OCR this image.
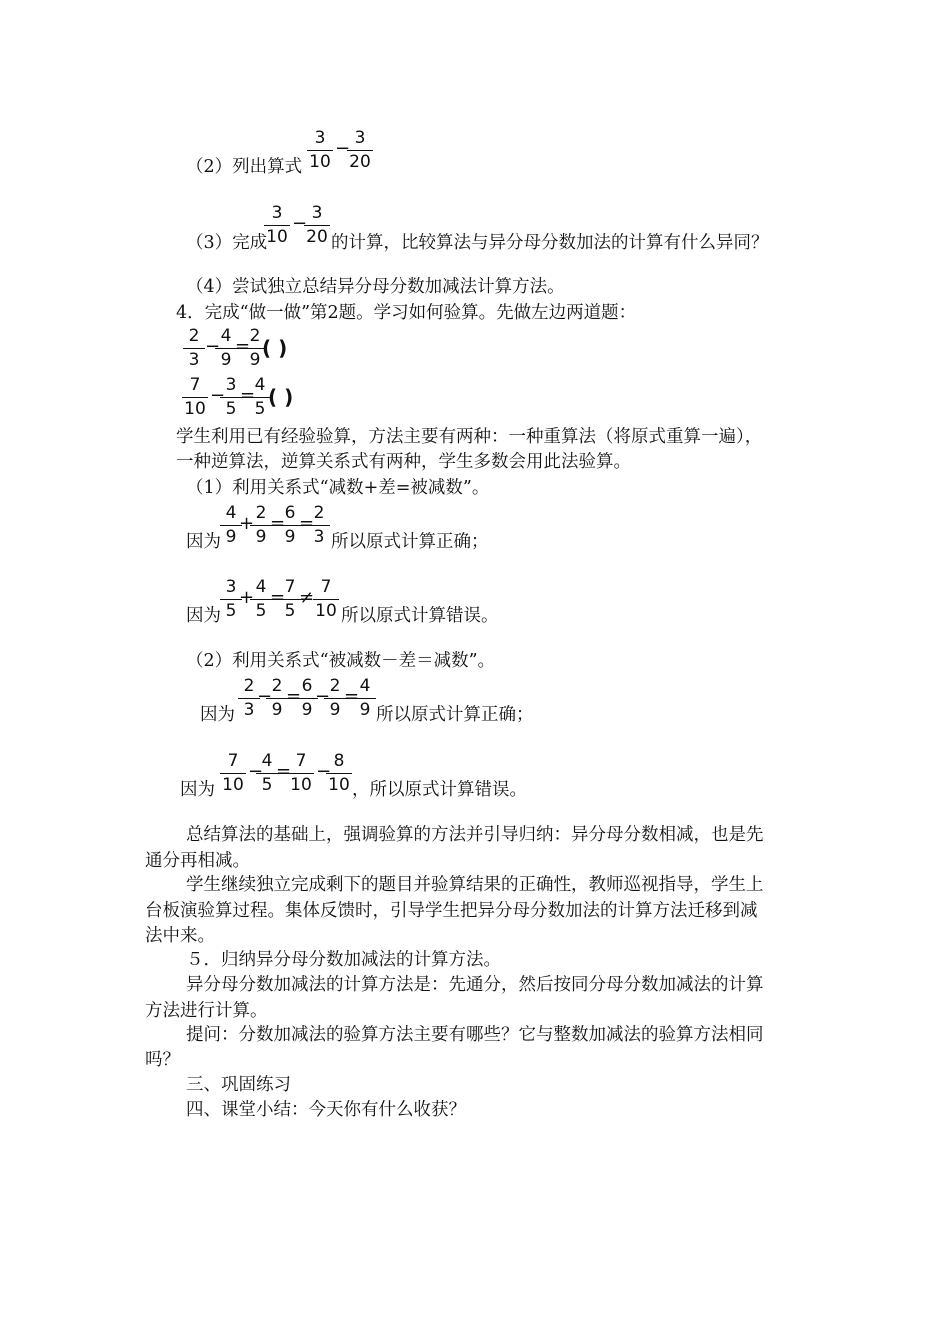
（2）列出算式
3
10
− 3
20
（3）完成
3
10
− 3
20 的计算，比较算法与异分母分数加法的计算有什么异同？
（4）尝试独立总结异分母分数加减法计算方法。
4．完成“做一做”第2题。学习如何验算。先做左边两道题：
2
3
− 4
9
= 2
9 ( )
7
10
− 3
5
= 4
5 ( )
学生利用已有经验验算，方法主要有两种：一种重算法（将原式重算一遍），
一种逆算法，逆算关系式有两种，学生多数会用此法验算。
（1）利用关系式“减数+差=被减数”。
因为
4
9
+ 2
9
= 6
9
= 2
3 所以原式计算正确；
因为
3
5
+ 4
5
= 7
5
≠ 7
10 所以原式计算错误。
（2）利用关系式“被减数－差＝减数”。
因为
2
3
− 2
9
= 6
9
− 2
9
= 4
9 所以原式计算正确；
因为
7
10
−
4
5
= 7
10
− 8
10 ，所以原式计算错误。
总结算法的基础上，强调验算的方法并引导归纳：异分母分数相减，也是先
通分再相减。
学生继续独立完成剩下的题目并验算结果的正确性，教师巡视指导，学生上
台板演验算过程。集体反馈时，引导学生把异分母分数加法的计算方法迁移到减
法中来。
５．归纳异分母分数加减法的计算方法。
异分母分数加减法的计算方法是：先通分，然后按同分母分数加减法的计算
方法进行计算。
提问：分数加减法的验算方法主要有哪些？它与整数加减法的验算方法相同
吗？
三、巩固练习
四、课堂小结：今天你有什么收获？
